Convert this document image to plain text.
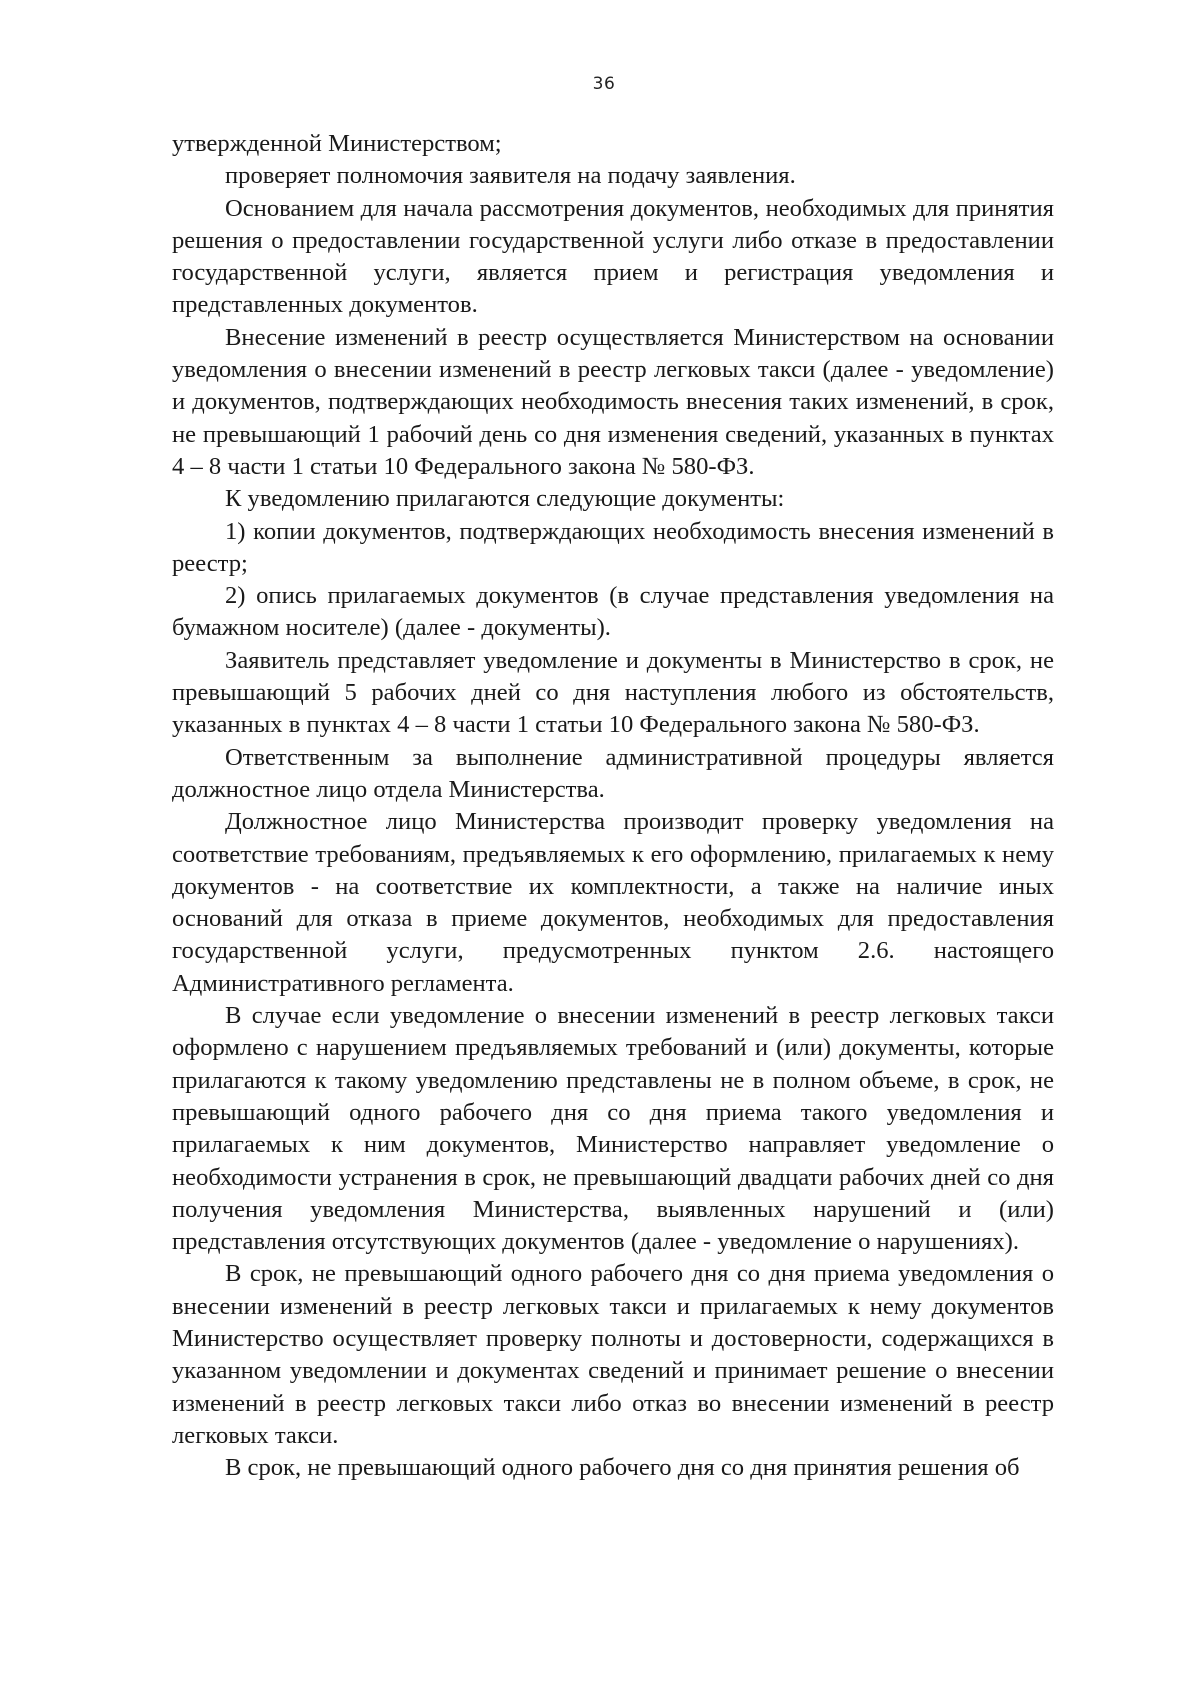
36

утвержденной Министерством;

проверяет полномочия заявителя на подачу заявления.

Основанием для начала рассмотрения документов, необходимых для принятия решения о предоставлении государственной услуги либо отказе в предоставлении государственной услуги, является прием и регистрация уведомления и представленных документов.

Внесение изменений в реестр осуществляется Министерством на основании уведомления о внесении изменений в реестр легковых такси (далее - уведомление) и документов, подтверждающих необходимость внесения таких изменений, в срок, не превышающий 1 рабочий день со дня изменения сведений, указанных в пунктах 4 – 8 части 1 статьи 10 Федерального закона № 580-ФЗ.

К уведомлению прилагаются следующие документы:

1) копии документов, подтверждающих необходимость внесения изменений в реестр;

2) опись прилагаемых документов (в случае представления уведомления на бумажном носителе) (далее - документы).

Заявитель представляет уведомление и документы в Министерство в срок, не превышающий 5 рабочих дней со дня наступления любого из обстоятельств, указанных в пунктах 4 – 8 части 1 статьи 10 Федерального закона № 580-ФЗ.

Ответственным за выполнение административной процедуры является должностное лицо отдела Министерства.

Должностное лицо Министерства производит проверку уведомления на соответствие требованиям, предъявляемых к его оформлению, прилагаемых к нему документов - на соответствие их комплектности, а также на наличие иных оснований для отказа в приеме документов, необходимых для предоставления государственной услуги, предусмотренных пунктом 2.6. настоящего Административного регламента.

В случае если уведомление о внесении изменений в реестр легковых такси оформлено с нарушением предъявляемых требований и (или) документы, которые прилагаются к такому уведомлению представлены не в полном объеме, в срок, не превышающий одного рабочего дня со дня приема такого уведомления и прилагаемых к ним документов, Министерство направляет уведомление о необходимости устранения в срок, не превышающий двадцати рабочих дней со дня получения уведомления Министерства, выявленных нарушений и (или) представления отсутствующих документов (далее - уведомление о нарушениях).

В срок, не превышающий одного рабочего дня со дня приема уведомления о внесении изменений в реестр легковых такси и прилагаемых к нему документов Министерство осуществляет проверку полноты и достоверности, содержащихся в указанном уведомлении и документах сведений и принимает решение о внесении изменений в реестр легковых такси либо отказ во внесении изменений в реестр легковых такси.

В срок, не превышающий одного рабочего дня со дня принятия решения об
